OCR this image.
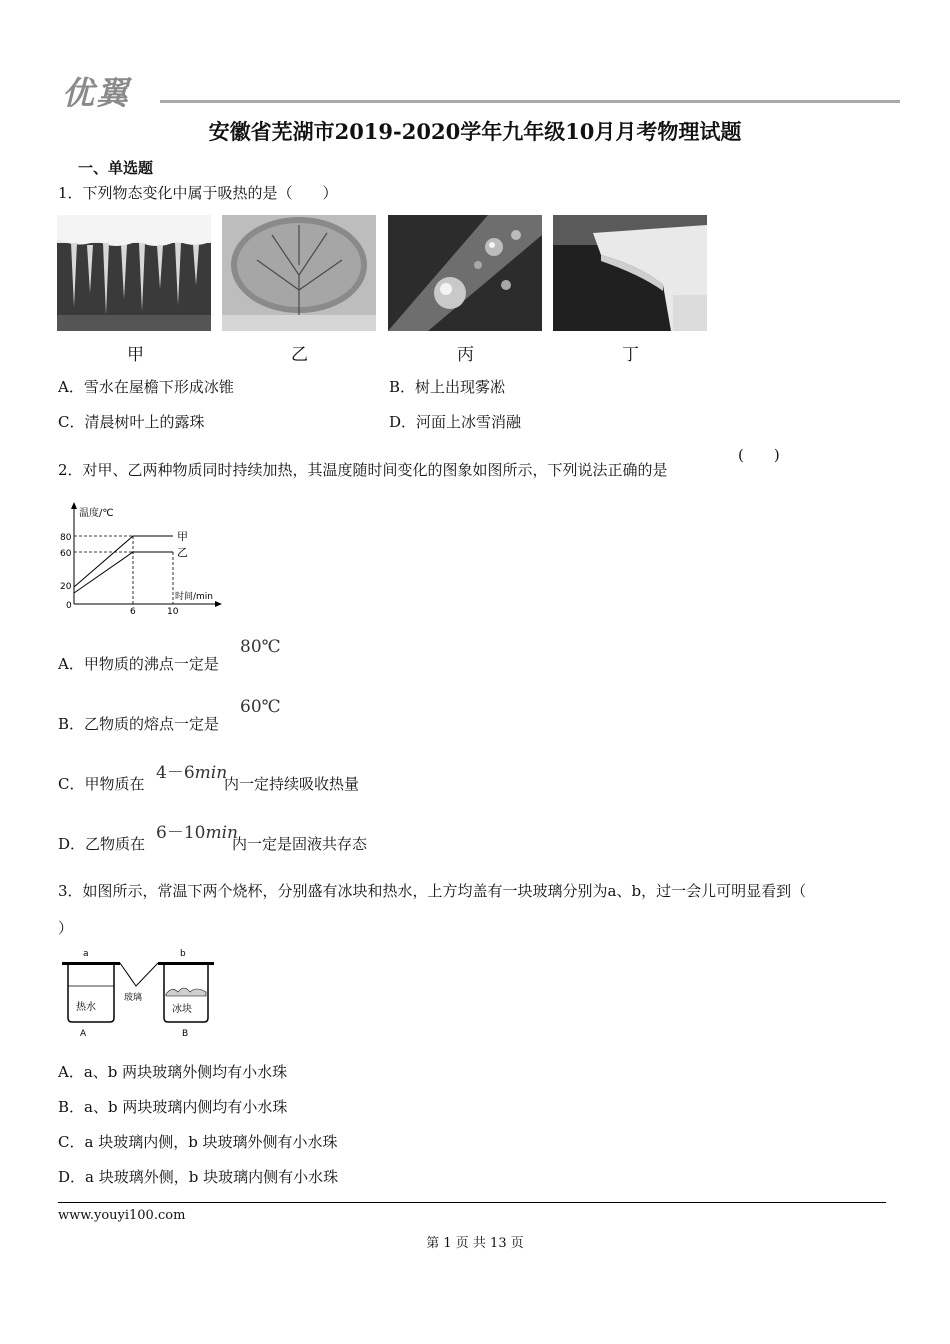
优翼
安徽省芜湖市2019-2020学年九年级10月月考物理试题
一、单选题
1．下列物态变化中属于吸热的是（　　）
甲	乙	丙	丁
A．雪水在屋檐下形成冰锥	B．树上出现雾凇
C．清晨树叶上的露珠	D．河面上冰雪消融
2．对甲、乙两种物质同时持续加热，其温度随时间变化的图象如图所示，下列说法正确的是
(　　)
温度/℃
时间/min
80
60
20
0
6	10
甲
乙
A．甲物质的沸点一定是
80℃
B．乙物质的熔点一定是
60℃
C．甲物质在
4－6min
内一定持续吸收热量
D．乙物质在
6－10min
内一定是固液共存态
3．如图所示，常温下两个烧杯，分别盛有冰块和热水，上方均盖有一块玻璃分别为a、b，过一会儿可明显看到（
）
a	b
热水
玻璃
冰块
A	B
A．a、b 两块玻璃外侧均有小水珠
B．a、b 两块玻璃内侧均有小水珠
C．a 块玻璃内侧，b 块玻璃外侧有小水珠
D．a 块玻璃外侧，b 块玻璃内侧有小水珠
www.youyi100.com
第 1 页 共 13 页
